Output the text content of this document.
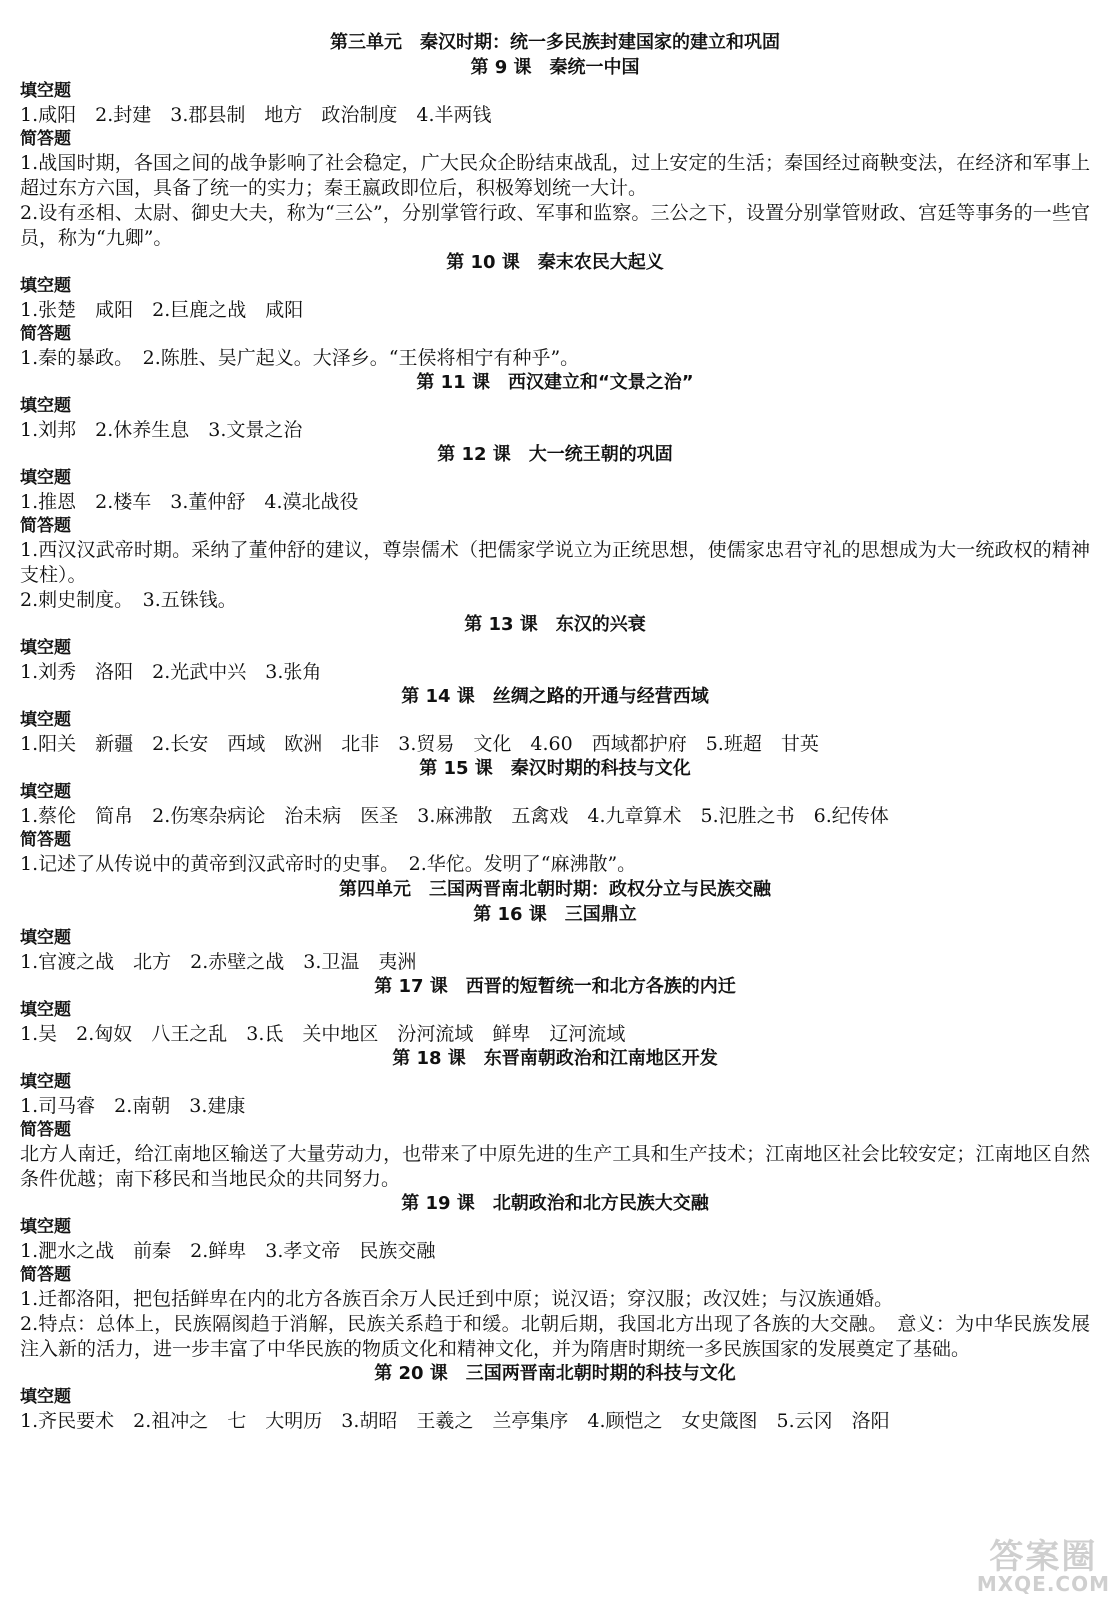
第三单元　秦汉时期：统一多民族封建国家的建立和巩固
第 9 课　秦统一中国
填空题
1.咸阳　2.封建　3.郡县制　地方　政治制度　4.半两钱
简答题
1.战国时期，各国之间的战争影响了社会稳定，广大民众企盼结束战乱，过上安定的生活；秦国经过商鞅变法，在经济和军事上超过东方六国，具备了统一的实力；秦王嬴政即位后，积极筹划统一大计。
2.设有丞相、太尉、御史大夫，称为“三公”，分别掌管行政、军事和监察。三公之下，设置分别掌管财政、宫廷等事务的一些官员，称为“九卿”。
第 10 课　秦末农民大起义
填空题
1.张楚　咸阳　2.巨鹿之战　咸阳
简答题
1.秦的暴政。　2.陈胜、吴广起义。大泽乡。“王侯将相宁有种乎”。
第 11 课　西汉建立和“文景之治”
填空题
1.刘邦　2.休养生息　3.文景之治
第 12 课　大一统王朝的巩固
填空题
1.推恩　2.楼车　3.董仲舒　4.漠北战役
简答题
1.西汉汉武帝时期。采纳了董仲舒的建议，尊崇儒术（把儒家学说立为正统思想，使儒家忠君守礼的思想成为大一统政权的精神支柱）。
2.刺史制度。　3.五铢钱。
第 13 课　东汉的兴衰
填空题
1.刘秀　洛阳　2.光武中兴　3.张角
第 14 课　丝绸之路的开通与经营西域
填空题
1.阳关　新疆　2.长安　西域　欧洲　北非　3.贸易　文化　4.60　西域都护府　5.班超　甘英
第 15 课　秦汉时期的科技与文化
填空题
1.蔡伦　简帛　2.伤寒杂病论　治未病　医圣　3.麻沸散　五禽戏　4.九章算术　5.氾胜之书　6.纪传体
简答题
1.记述了从传说中的黄帝到汉武帝时的史事。　2.华佗。发明了“麻沸散”。
第四单元　三国两晋南北朝时期：政权分立与民族交融
第 16 课　三国鼎立
填空题
1.官渡之战　北方　2.赤壁之战　3.卫温　夷洲
第 17 课　西晋的短暂统一和北方各族的内迁
填空题
1.吴　2.匈奴　八王之乱　3.氐　关中地区　汾河流域　鲜卑　辽河流域
第 18 课　东晋南朝政治和江南地区开发
填空题
1.司马睿　2.南朝　3.建康
简答题
北方人南迁，给江南地区输送了大量劳动力，也带来了中原先进的生产工具和生产技术；江南地区社会比较安定；江南地区自然条件优越；南下移民和当地民众的共同努力。
第 19 课　北朝政治和北方民族大交融
填空题
1.淝水之战　前秦　2.鲜卑　3.孝文帝　民族交融
简答题
1.迁都洛阳，把包括鲜卑在内的北方各族百余万人民迁到中原；说汉语；穿汉服；改汉姓；与汉族通婚。
2.特点：总体上，民族隔阂趋于消解，民族关系趋于和缓。北朝后期，我国北方出现了各族的大交融。　意义：为中华民族发展注入新的活力，进一步丰富了中华民族的物质文化和精神文化，并为隋唐时期统一多民族国家的发展奠定了基础。
第 20 课　三国两晋南北朝时期的科技与文化
填空题
1.齐民要术　2.祖冲之　七　大明历　3.胡昭　王羲之　兰亭集序　4.顾恺之　女史箴图　5.云冈　洛阳
答案圈
MXQE.COM
